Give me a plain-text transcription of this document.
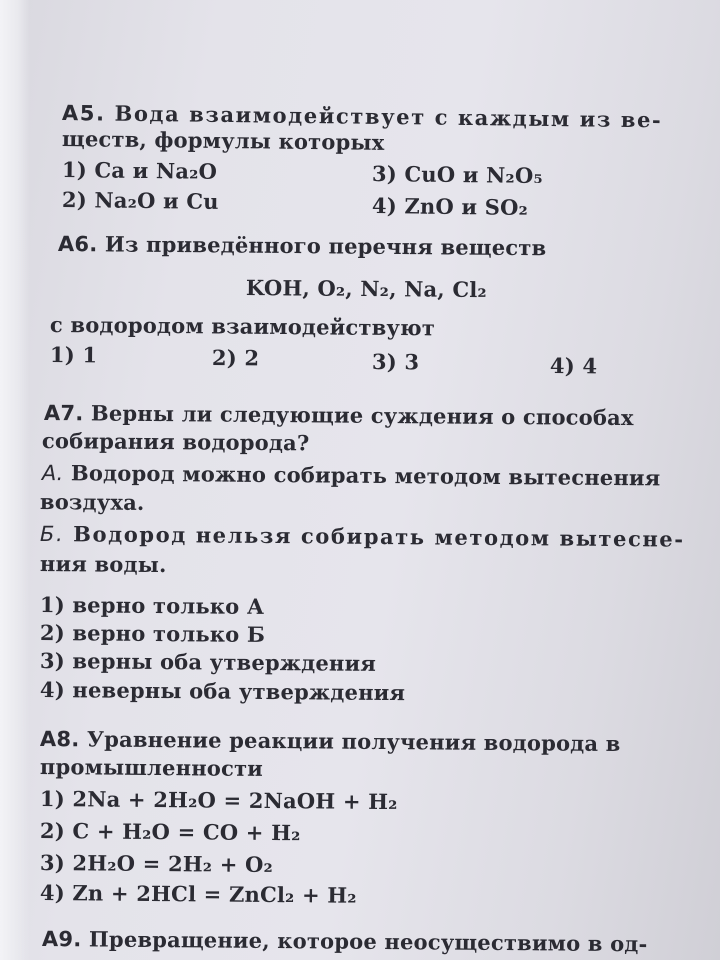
А5. Вода взаимодействует с каждым из ве-
ществ, формулы которых
1) Ca и Na₂O
2) Na₂O и Cu
3) CuO и N₂O₅
4) ZnO и SO₂
А6. Из приведённого перечня веществ
KOH, O₂, N₂, Na, Cl₂
с водородом взаимодействуют
1) 1	2) 2	3) 3	4) 4
А7. Верны ли следующие суждения о способах
собирания водорода?
А. Водород можно собирать методом вытеснения
воздуха.
Б. Водород нельзя собирать методом вытесне-
ния воды.
1) верно только А
2) верно только Б
3) верны оба утверждения
4) неверны оба утверждения
А8. Уравнение реакции получения водорода в
промышленности
1) 2Na + 2H₂O = 2NaOH + H₂
2) C + H₂O = CO + H₂
3) 2H₂O = 2H₂ + O₂
4) Zn + 2HCl = ZnCl₂ + H₂
А9. Превращение, которое неосуществимо в од-
